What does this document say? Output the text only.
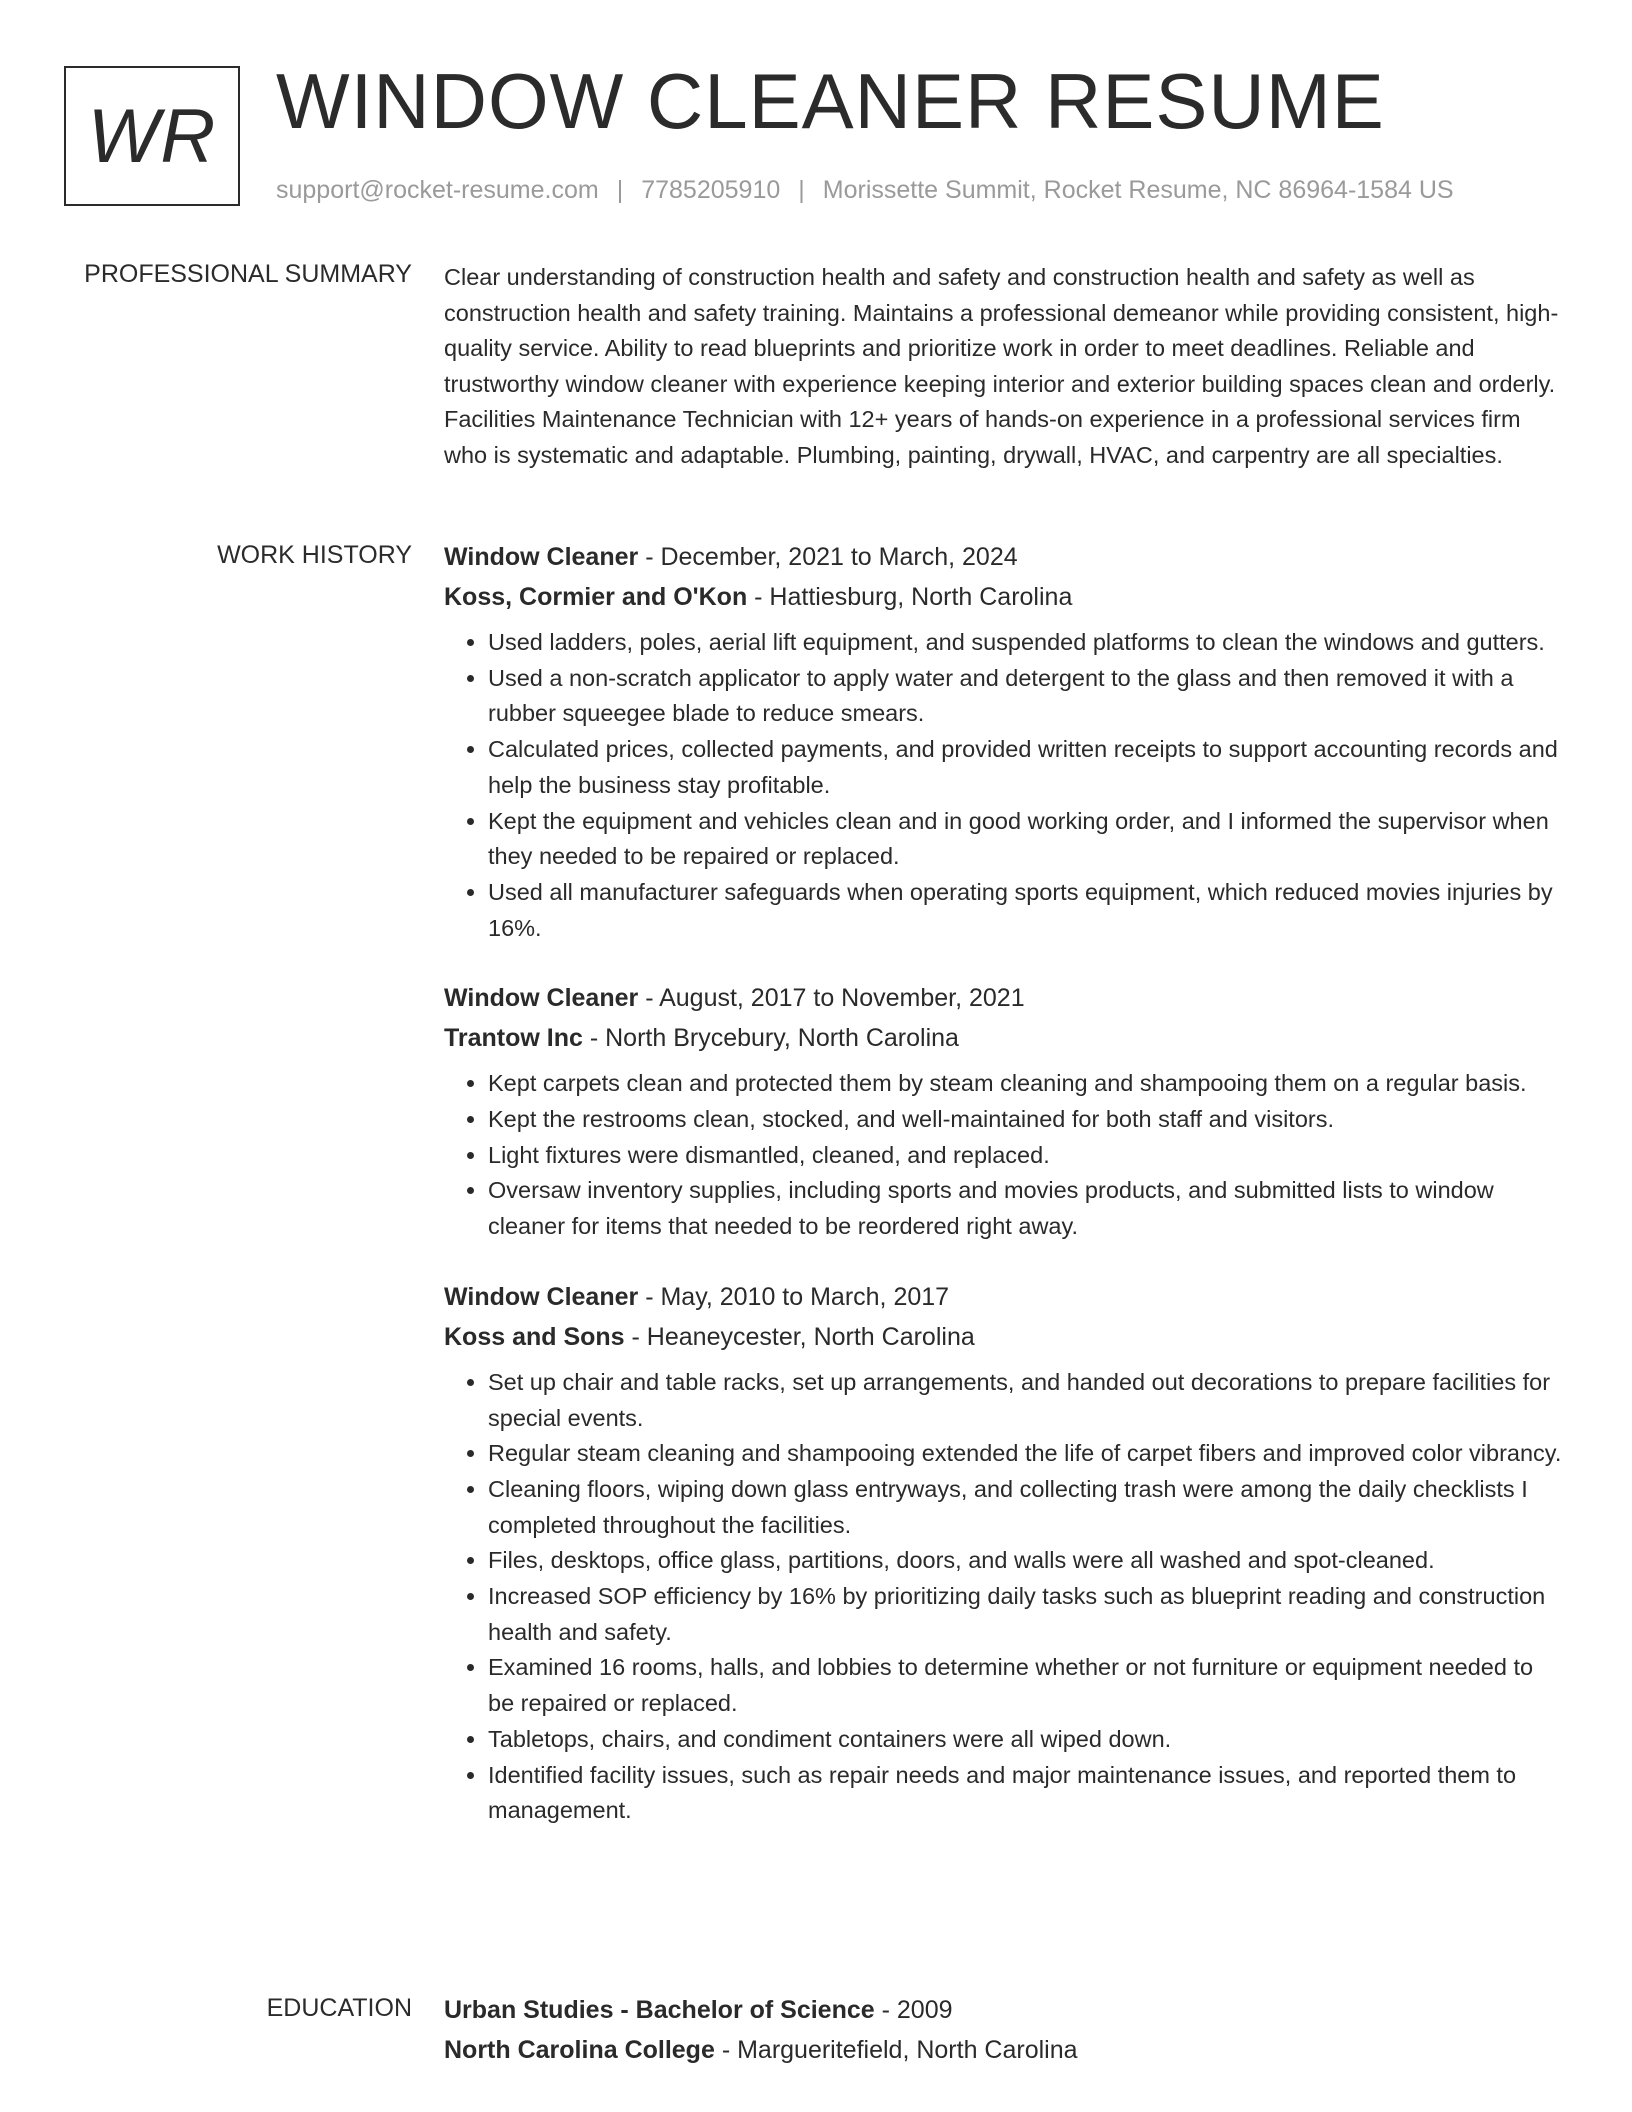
WR WINDOW CLEANER RESUME
support@rocket-resume.com | 7785205910 | Morissette Summit, Rocket Resume, NC 86964-1584 US
PROFESSIONAL SUMMARY Clear understanding of construction health and safety and construction health and safety as well as construction health and safety training. Maintains a professional demeanor while providing consistent, high-quality service. Ability to read blueprints and prioritize work in order to meet deadlines. Reliable and trustworthy window cleaner with experience keeping interior and exterior building spaces clean and orderly. Facilities Maintenance Technician with 12+ years of hands-on experience in a professional services firm who is systematic and adaptable. Plumbing, painting, drywall, HVAC, and carpentry are all specialties.

WORK HISTORY Window Cleaner - December, 2021 to March, 2024
Koss, Cormier and O'Kon - Hattiesburg, North Carolina
• Used ladders, poles, aerial lift equipment, and suspended platforms to clean the windows and gutters.
• Used a non-scratch applicator to apply water and detergent to the glass and then removed it with a rubber squeegee blade to reduce smears.
• Calculated prices, collected payments, and provided written receipts to support accounting records and help the business stay profitable.
• Kept the equipment and vehicles clean and in good working order, and I informed the supervisor when they needed to be repaired or replaced.
• Used all manufacturer safeguards when operating sports equipment, which reduced movies injuries by 16%.
Window Cleaner - August, 2017 to November, 2021
Trantow Inc - North Brycebury, North Carolina
• Kept carpets clean and protected them by steam cleaning and shampooing them on a regular basis.
• Kept the restrooms clean, stocked, and well-maintained for both staff and visitors.
• Light fixtures were dismantled, cleaned, and replaced.
• Oversaw inventory supplies, including sports and movies products, and submitted lists to window cleaner for items that needed to be reordered right away.
Window Cleaner - May, 2010 to March, 2017
Koss and Sons - Heaneycester, North Carolina
• Set up chair and table racks, set up arrangements, and handed out decorations to prepare facilities for special events.
• Regular steam cleaning and shampooing extended the life of carpet fibers and improved color vibrancy.
• Cleaning floors, wiping down glass entryways, and collecting trash were among the daily checklists I completed throughout the facilities.
• Files, desktops, office glass, partitions, doors, and walls were all washed and spot-cleaned.
• Increased SOP efficiency by 16% by prioritizing daily tasks such as blueprint reading and construction health and safety.
• Examined 16 rooms, halls, and lobbies to determine whether or not furniture or equipment needed to be repaired or replaced.
• Tabletops, chairs, and condiment containers were all wiped down.
• Identified facility issues, such as repair needs and major maintenance issues, and reported them to management.
EDUCATION Urban Studies - Bachelor of Science - 2009
North Carolina College - Margueritefield, North Carolina
